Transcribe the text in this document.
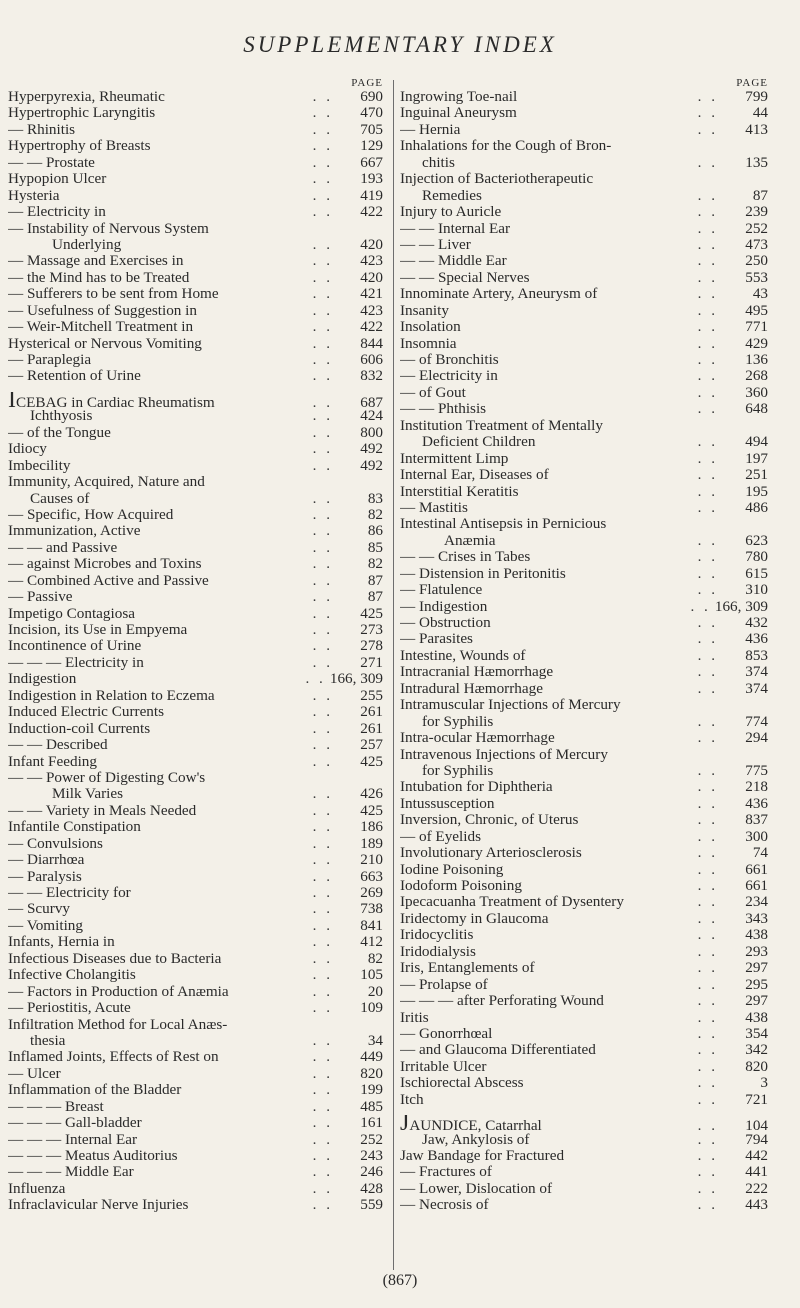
SUPPLEMENTARY INDEX
PAGE
Hyperpyrexia, Rheumatic	. .	690
Hypertrophic Laryngitis	. .	470
— Rhinitis	. .	705
Hypertrophy of Breasts	. .	129
— — Prostate	. .	667
Hypopion Ulcer	. .	193
Hysteria	. .	419
— Electricity in	. .	422
— Instability of Nervous System
Underlying	. .	420
— Massage and Exercises in	. .	423
— the Mind has to be Treated	. .	420
— Sufferers to be sent from Home	. .	421
— Usefulness of Suggestion in	. .	423
— Weir-Mitchell Treatment in	. .	422
Hysterical or Nervous Vomiting	. .	844
— Paraplegia	. .	606
— Retention of Urine	. .	832
ICEBAG in Cardiac Rheumatism	. .	687
Ichthyosis	. .	424
— of the Tongue	. .	800
Idiocy	. .	492
Imbecility	. .	492
Immunity, Acquired, Nature and
Causes of	. .	83
— Specific, How Acquired	. .	82
Immunization, Active	. .	86
— — and Passive	. .	85
— against Microbes and Toxins	. .	82
— Combined Active and Passive	. .	87
— Passive	. .	87
Impetigo Contagiosa	. .	425
Incision, its Use in Empyema	. .	273
Incontinence of Urine	. .	278
— — — Electricity in	. .	271
Indigestion	. . 166, 309
Indigestion in Relation to Eczema	. .	255
Induced Electric Currents	. .	261
Induction-coil Currents	. .	261
— — Described	. .	257
Infant Feeding	. .	425
— — Power of Digesting Cow's
Milk Varies	. .	426
— — Variety in Meals Needed	. .	425
Infantile Constipation	. .	186
— Convulsions	. .	189
— Diarrhœa	. .	210
— Paralysis	. .	663
— — Electricity for	. .	269
— Scurvy	. .	738
— Vomiting	. .	841
Infants, Hernia in	. .	412
Infectious Diseases due to Bacteria	. .	82
Infective Cholangitis	. .	105
— Factors in Production of Anæmia	. .	20
— Periostitis, Acute	. .	109
Infiltration Method for Local Anæs-
thesia	. .	34
Inflamed Joints, Effects of Rest on	. .	449
— Ulcer	. .	820
Inflammation of the Bladder	. .	199
— — — Breast	. .	485
— — — Gall-bladder	. .	161
— — — Internal Ear	. .	252
— — — Meatus Auditorius	. .	243
— — — Middle Ear	. .	246
Influenza	. .	428
Infraclavicular Nerve Injuries	. .	559
PAGE
Ingrowing Toe-nail	. .	799
Inguinal Aneurysm	. .	44
— Hernia	. .	413
Inhalations for the Cough of Bron-
chitis	. .	135
Injection of Bacteriotherapeutic
Remedies	. .	87
Injury to Auricle	. .	239
— — Internal Ear	. .	252
— — Liver	. .	473
— — Middle Ear	. .	250
— — Special Nerves	. .	553
Innominate Artery, Aneurysm of	. .	43
Insanity	. .	495
Insolation	. .	771
Insomnia	. .	429
— of Bronchitis	. .	136
— Electricity in	. .	268
— of Gout	. .	360
— — Phthisis	. .	648
Institution Treatment of Mentally
Deficient Children	. .	494
Intermittent Limp	. .	197
Internal Ear, Diseases of	. .	251
Interstitial Keratitis	. .	195
— Mastitis	. .	486
Intestinal Antisepsis in Pernicious
Anæmia	. .	623
— — Crises in Tabes	. .	780
— Distension in Peritonitis	. .	615
— Flatulence	. .	310
— Indigestion	. . 166, 309
— Obstruction	. .	432
— Parasites	. .	436
Intestine, Wounds of	. .	853
Intracranial Hæmorrhage	. .	374
Intradural Hæmorrhage	. .	374
Intramuscular Injections of Mercury
for Syphilis	. .	774
Intra-ocular Hæmorrhage	. .	294
Intravenous Injections of Mercury
for Syphilis	. .	775
Intubation for Diphtheria	. .	218
Intussusception	. .	436
Inversion, Chronic, of Uterus	. .	837
— of Eyelids	. .	300
Involutionary Arteriosclerosis	. .	74
Iodine Poisoning	. .	661
Iodoform Poisoning	. .	661
Ipecacuanha Treatment of Dysentery	. .	234
Iridectomy in Glaucoma	. .	343
Iridocyclitis	. .	438
Iridodialysis	. .	293
Iris, Entanglements of	. .	297
— Prolapse of	. .	295
— — — after Perforating Wound	. .	297
Iritis	. .	438
— Gonorrhœal	. .	354
— and Glaucoma Differentiated	. .	342
Irritable Ulcer	. .	820
Ischiorectal Abscess	. .	3
Itch	. .	721
JAUNDICE, Catarrhal	. .	104
Jaw, Ankylosis of	. .	794
Jaw Bandage for Fractured	. .	442
— Fractures of	. .	441
— Lower, Dislocation of	. .	222
— Necrosis of	. .	443
(867)
